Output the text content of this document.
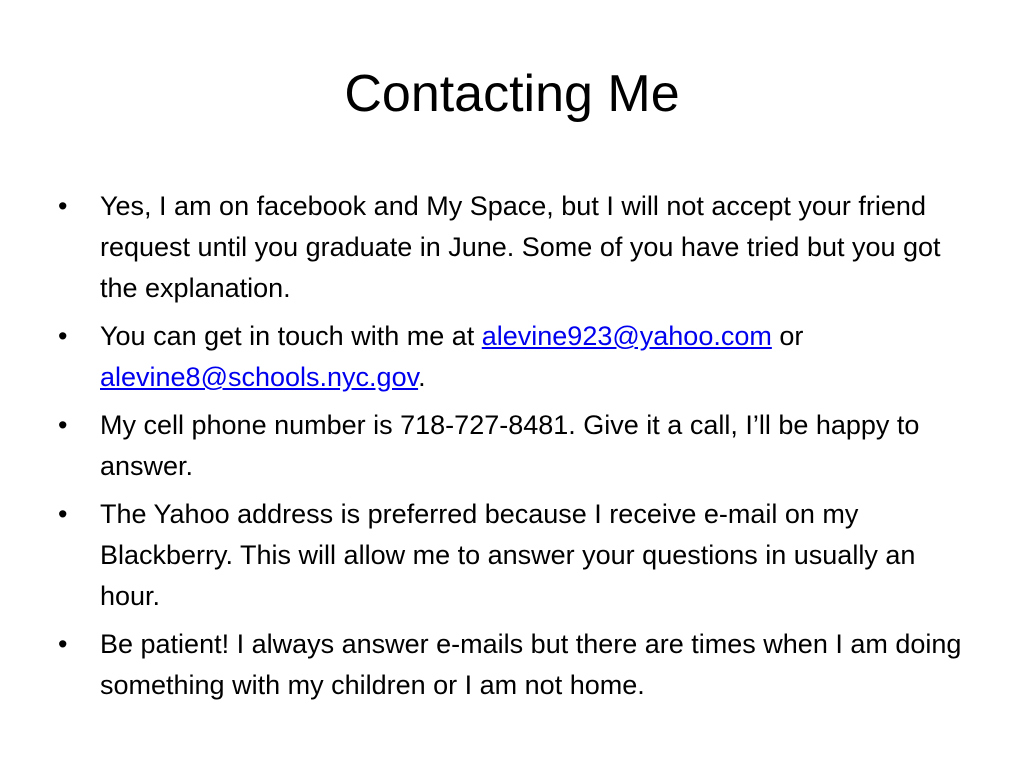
Contacting Me
•	Yes, I am on facebook and My Space, but I will not accept your friend request until you graduate in June. Some of you have tried but you got the explanation.
•	You can get in touch with me at alevine923@yahoo.com or alevine8@schools.nyc.gov.
•	My cell phone number is 718-727-8481. Give it a call, I’ll be happy to answer.
•	The Yahoo address is preferred because I receive e-mail on my Blackberry. This will allow me to answer your questions in usually an hour.
•	Be patient! I always answer e-mails but there are times when I am doing something with my children or I am not home.
